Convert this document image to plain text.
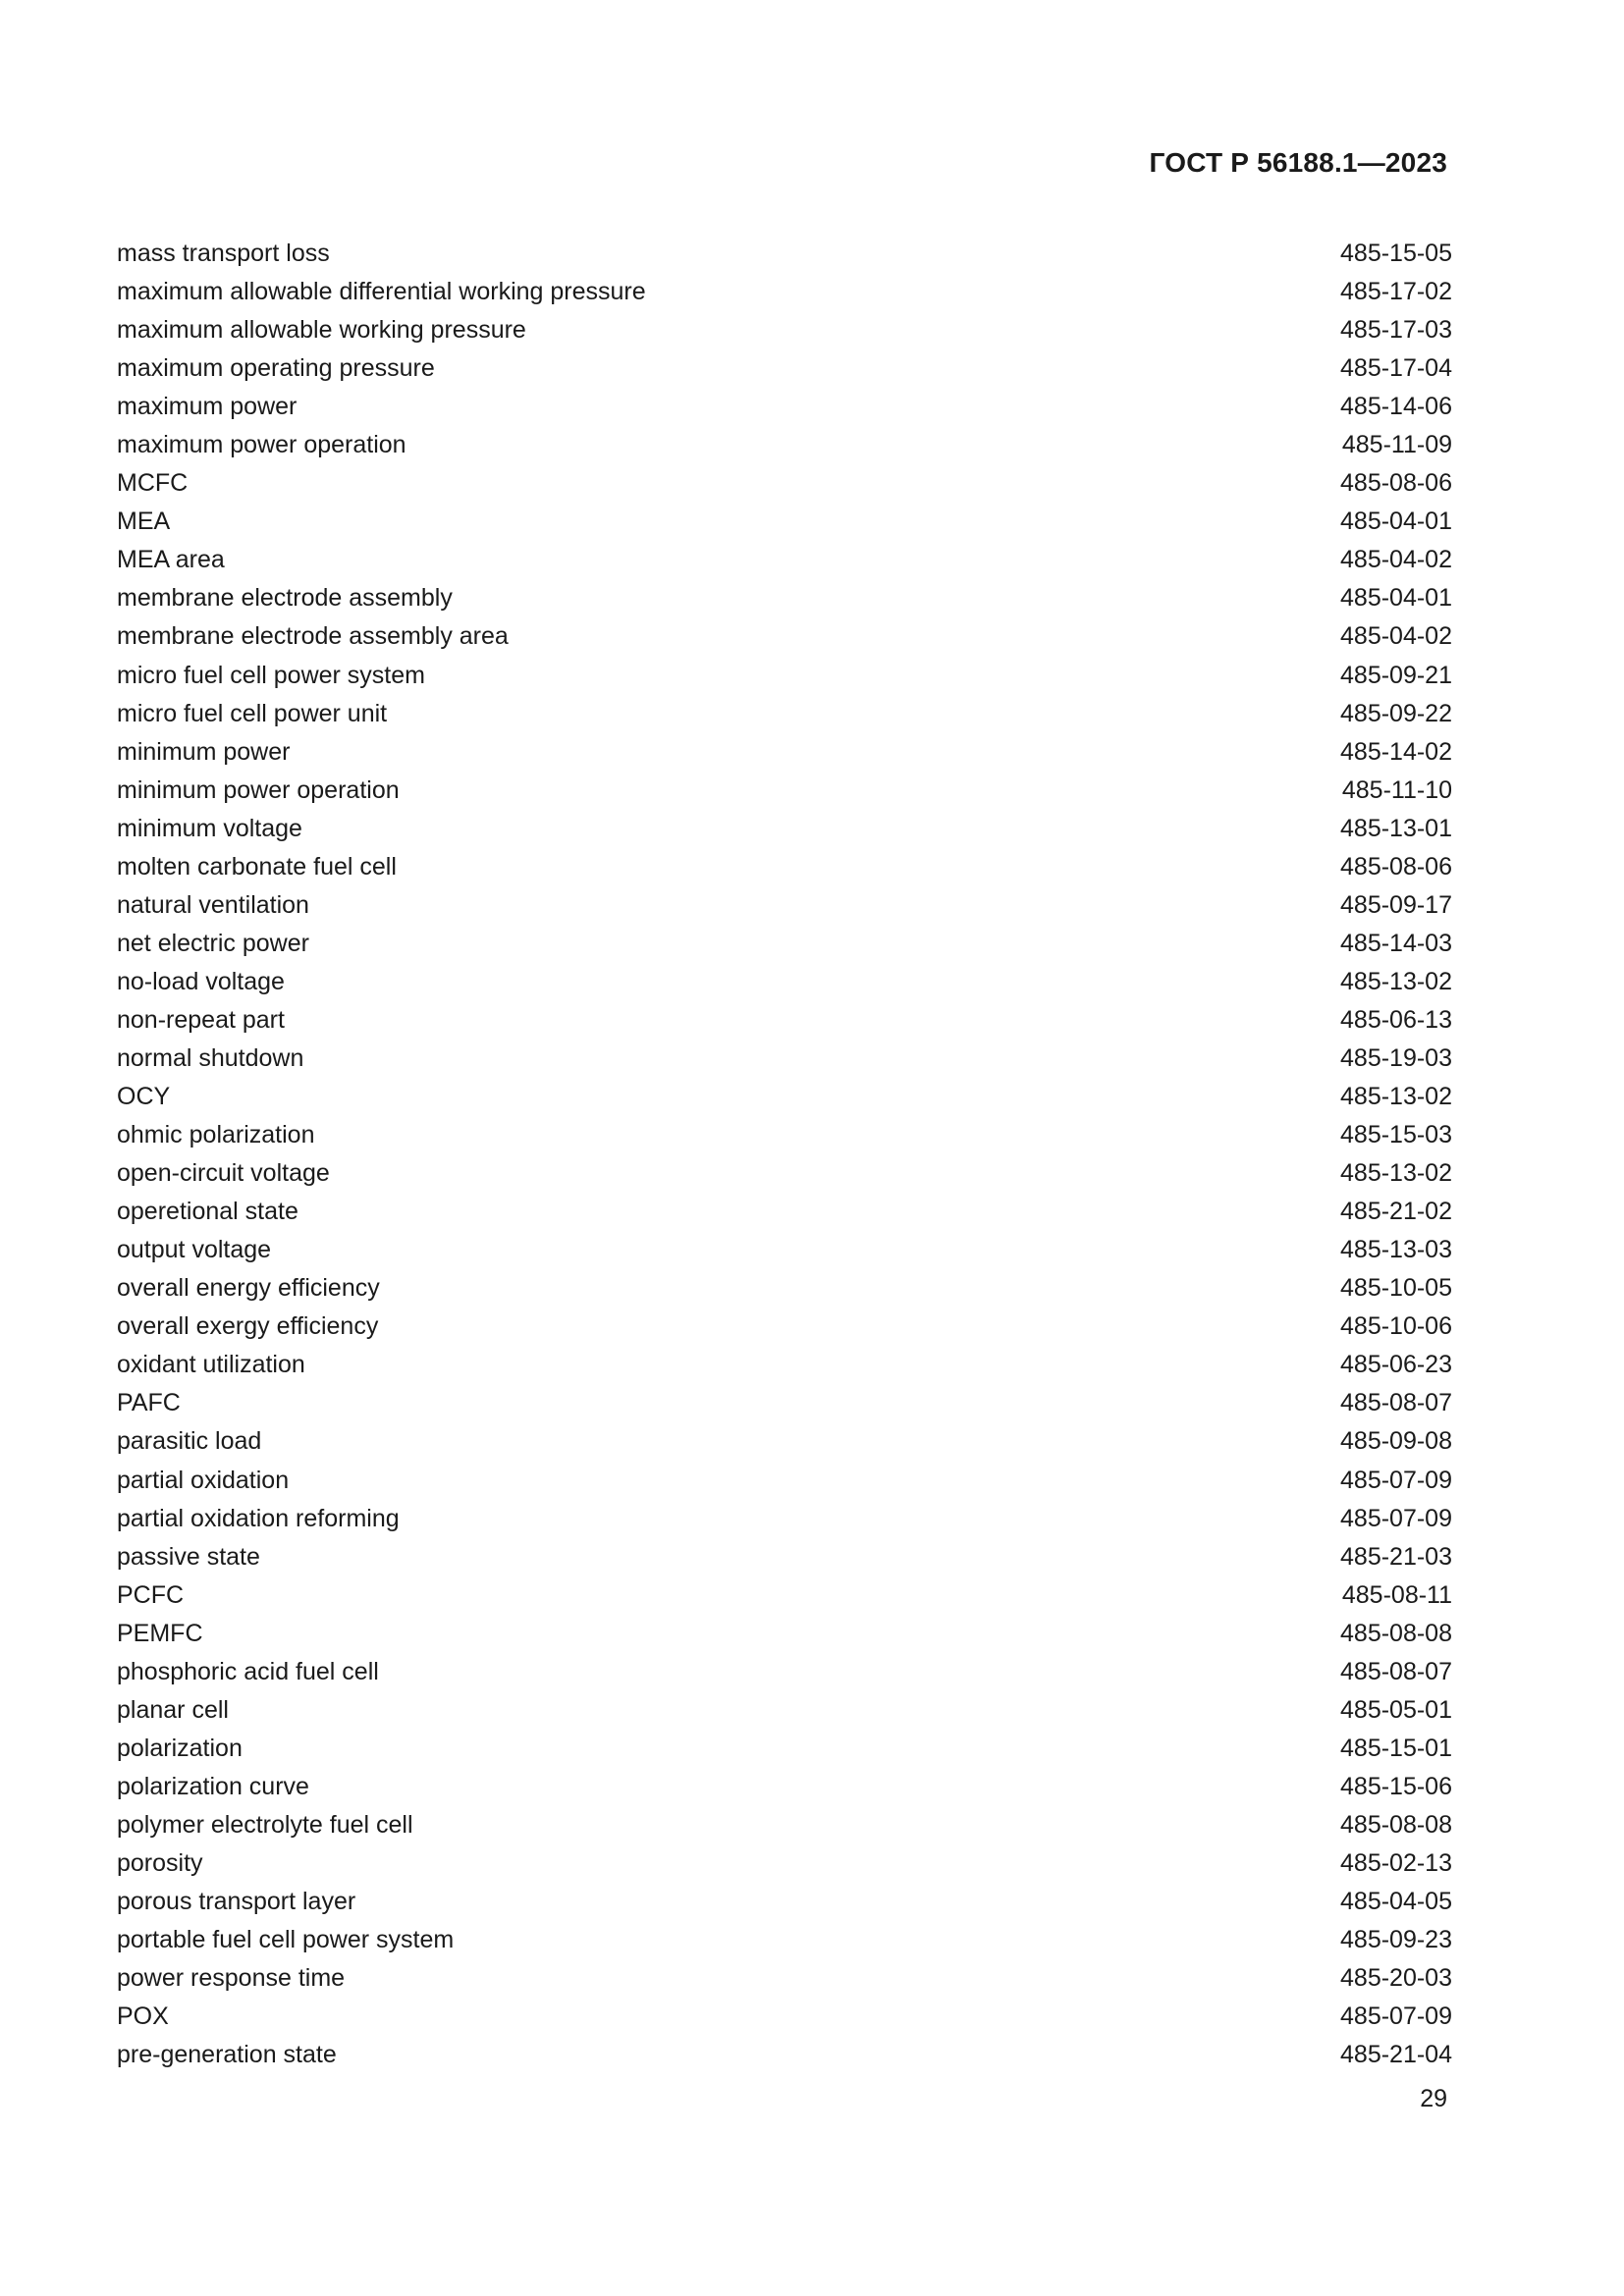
ГОСТ Р 56188.1—2023
mass transport loss	485-15-05
maximum allowable differential working pressure	485-17-02
maximum allowable working pressure	485-17-03
maximum operating pressure	485-17-04
maximum power	485-14-06
maximum power operation	485-11-09
MCFC	485-08-06
MEA	485-04-01
MEA area	485-04-02
membrane electrode assembly	485-04-01
membrane electrode assembly area	485-04-02
micro fuel cell power system	485-09-21
micro fuel cell power unit	485-09-22
minimum power	485-14-02
minimum power operation	485-11-10
minimum voltage	485-13-01
molten carbonate fuel cell	485-08-06
natural ventilation	485-09-17
net electric power	485-14-03
no-load voltage	485-13-02
non-repeat part	485-06-13
normal shutdown	485-19-03
OCY	485-13-02
ohmic polarization	485-15-03
open-circuit voltage	485-13-02
operetional state	485-21-02
output voltage	485-13-03
overall energy efficiency	485-10-05
overall exergy efficiency	485-10-06
oxidant utilization	485-06-23
PAFC	485-08-07
parasitic load	485-09-08
partial oxidation	485-07-09
partial oxidation reforming	485-07-09
passive state	485-21-03
PCFC	485-08-11
PEMFC	485-08-08
phosphoric acid fuel cell	485-08-07
planar cell	485-05-01
polarization	485-15-01
polarization curve	485-15-06
polymer electrolyte fuel cell	485-08-08
porosity	485-02-13
porous transport layer	485-04-05
portable fuel cell power system	485-09-23
power response time	485-20-03
POX	485-07-09
pre-generation state	485-21-04
29
